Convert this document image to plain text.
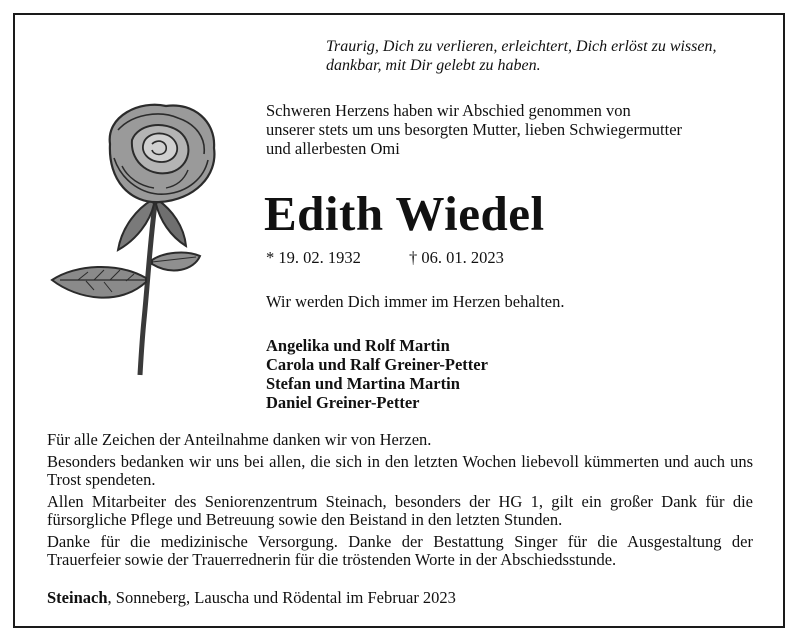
Traurig, Dich zu verlieren, erleichtert, Dich erlöst zu wissen,
dankbar, mit Dir gelebt zu haben.
Schweren Herzens haben wir Abschied genommen von
unserer stets um uns besorgten Mutter, lieben Schwiegermutter
und allerbesten Omi
Edith Wiedel
* 19. 02. 1932	† 06. 01. 2023
Wir werden Dich immer im Herzen behalten.
Angelika und Rolf Martin
Carola und Ralf Greiner-Petter
Stefan und Martina Martin
Daniel Greiner-Petter

Für alle Zeichen der Anteilnahme danken wir von Herzen.

Besonders bedanken wir uns bei allen, die sich in den letzten Wochen liebevoll kümmerten und auch uns Trost spendeten.

Allen Mitarbeiter des Seniorenzentrum Steinach, besonders der HG 1, gilt ein großer Dank für die fürsorgliche Pflege und Betreuung sowie den Beistand in den letzten Stunden.

Danke für die medizinische Versorgung. Danke der Bestattung Singer für die Ausgestaltung der Trauerfeier sowie der Trauerrednerin für die tröstenden Worte in der Abschiedsstunde.

Steinach, Sonneberg, Lauscha und Rödental im Februar 2023
